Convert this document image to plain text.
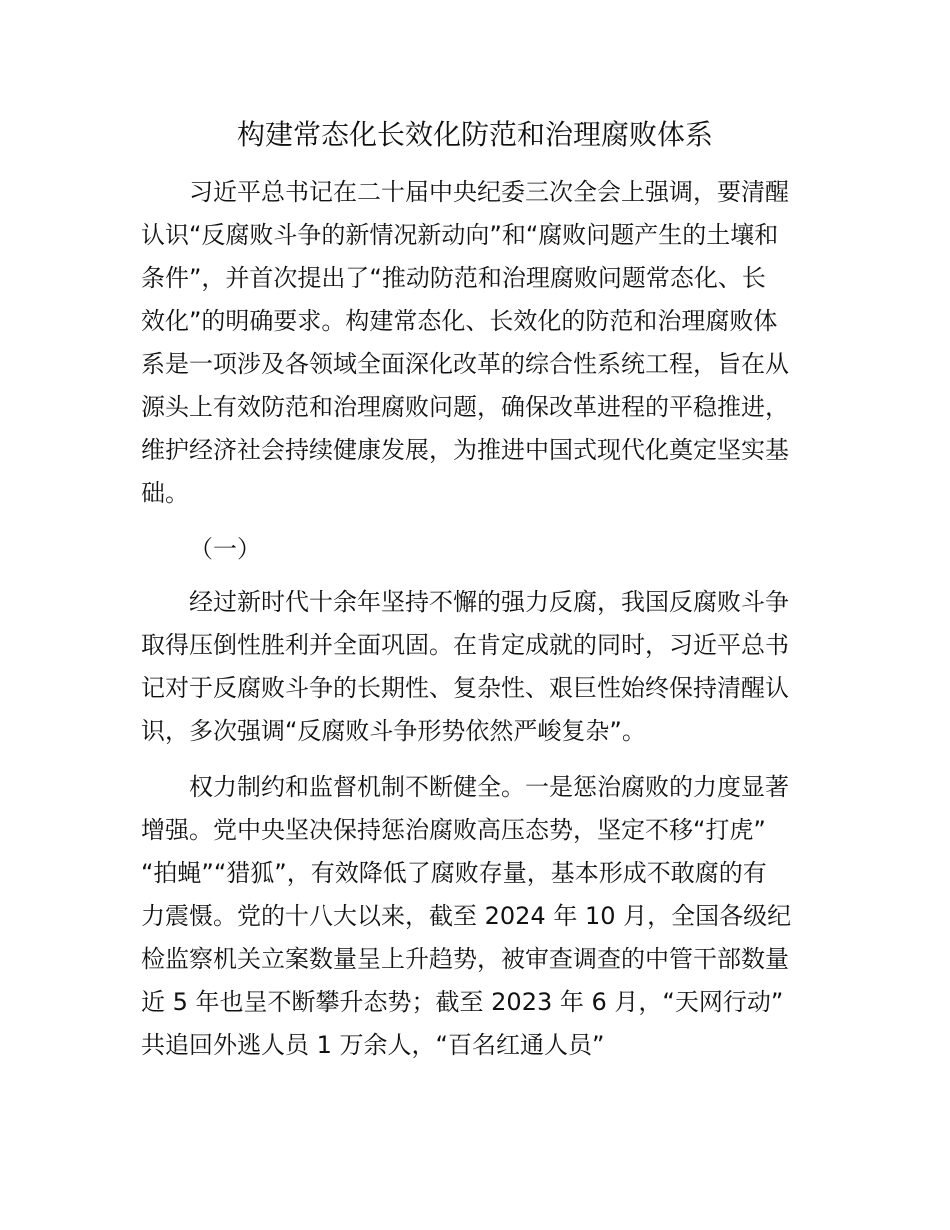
构建常态化长效化防范和治理腐败体系
习近平总书记在二十届中央纪委三次全会上强调，要清醒
认识“反腐败斗争的新情况新动向”和“腐败问题产生的土壤和
条件”，并首次提出了“推动防范和治理腐败问题常态化、长
效化”的明确要求。构建常态化、长效化的防范和治理腐败体
系是一项涉及各领域全面深化改革的综合性系统工程，旨在从
源头上有效防范和治理腐败问题，确保改革进程的平稳推进，
维护经济社会持续健康发展，为推进中国式现代化奠定坚实基
础。
（一）
经过新时代十余年坚持不懈的强力反腐，我国反腐败斗争
取得压倒性胜利并全面巩固。在肯定成就的同时，习近平总书
记对于反腐败斗争的长期性、复杂性、艰巨性始终保持清醒认
识，多次强调“反腐败斗争形势依然严峻复杂”。
权力制约和监督机制不断健全。一是惩治腐败的力度显著
增强。党中央坚决保持惩治腐败高压态势，坚定不移“打虎”
“拍蝇”“猎狐”，有效降低了腐败存量，基本形成不敢腐的有
力震慑。党的十八大以来，截至 2024 年 10 月，全国各级纪
检监察机关立案数量呈上升趋势，被审查调查的中管干部数量
近 5 年也呈不断攀升态势；截至 2023 年 6 月，“天网行动”
共追回外逃人员 1 万余人，“百名红通人员”
